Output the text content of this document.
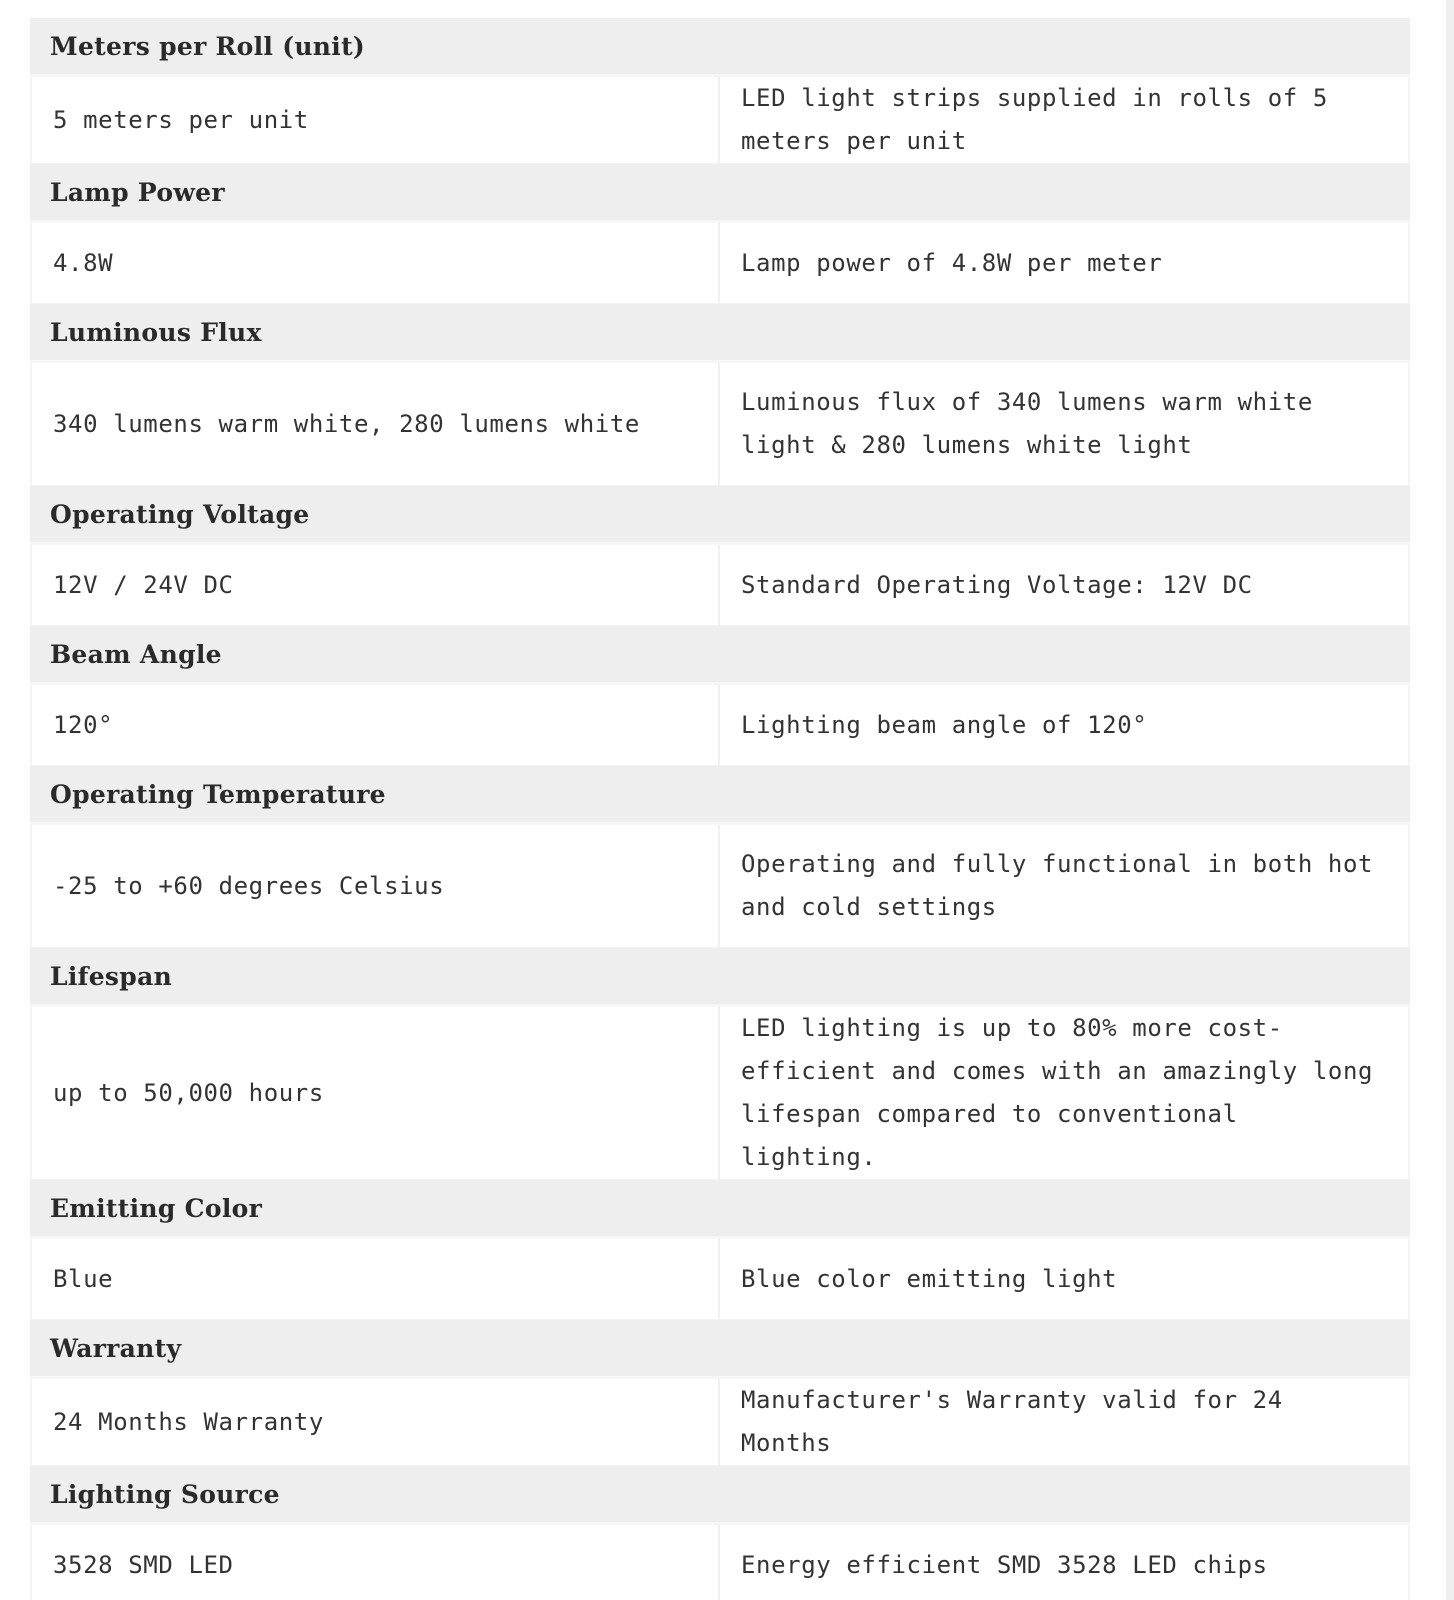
Meters per Roll (unit)	
5 meters per unit	LED light strips supplied in rolls of 5 meters per unit
Lamp Power	
4.8W	Lamp power of 4.8W per meter
Luminous Flux	
340 lumens warm white, 280 lumens white	Luminous flux of 340 lumens warm white light & 280 lumens white light
Operating Voltage	
12V / 24V DC	Standard Operating Voltage: 12V DC
Beam Angle	
120°	Lighting beam angle of 120°
Operating Temperature	
-25 to +60 degrees Celsius	Operating and fully functional in both hot and cold settings
Lifespan	
up to 50,000 hours	LED lighting is up to 80% more cost-efficient and comes with an amazingly long lifespan compared to conventional lighting.
Emitting Color	
Blue	Blue color emitting light
Warranty	
24 Months Warranty	Manufacturer's Warranty valid for 24 Months
Lighting Source	
3528 SMD LED	Energy efficient SMD 3528 LED chips
